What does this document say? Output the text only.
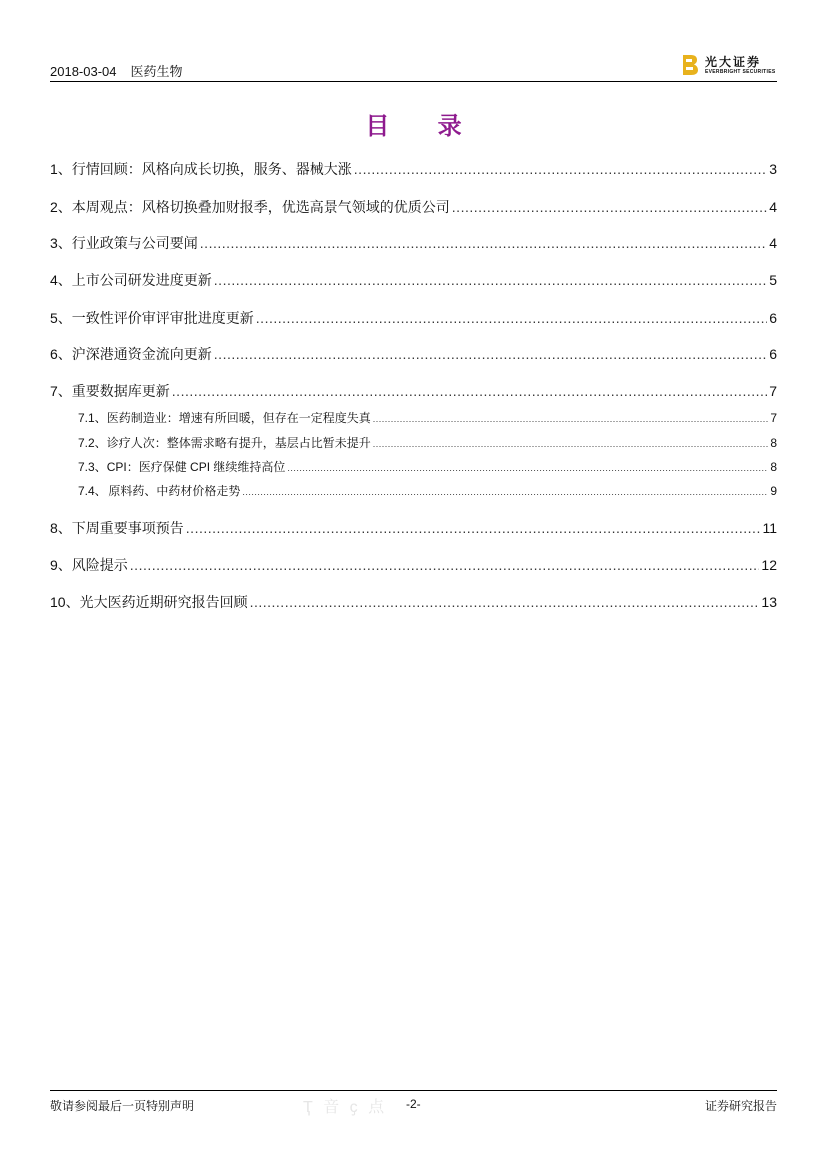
2018-03-04 医药生物
光大证券
EVERBRIGHT SECURITIES
目 录
1、 行情回顾：风格向成长切换，服务、器械大涨 .....	3
2、 本周观点：风格切换叠加财报季，优选高景气领域的优质公司 .....	4
3、 行业政策与公司要闻 .....	4
4、 上市公司研发进度更新 .....	5
5、 一致性评价审评审批进度更新 .....	6
6、 沪深港通资金流向更新 .....	6
7、 重要数据库更新 .....	7
7.1、 医药制造业：增速有所回暖，但存在一定程度失真 .....	7
7.2、 诊疗人次：整体需求略有提升，基层占比暂未提升 .....	8
7.3、 CPI：医疗保健 CPI 继续维持高位 .....	8
7.4、 原料药、中药材价格走势 .....	9
8、 下周重要事项预告 .....	11
9、 风险提示 .....	12
10、 光大医药近期研究报告回顾 .....	13
Ҭ 音 ҫ 点
敬请参阅最后一页特别声明	-2-	证券研究报告
